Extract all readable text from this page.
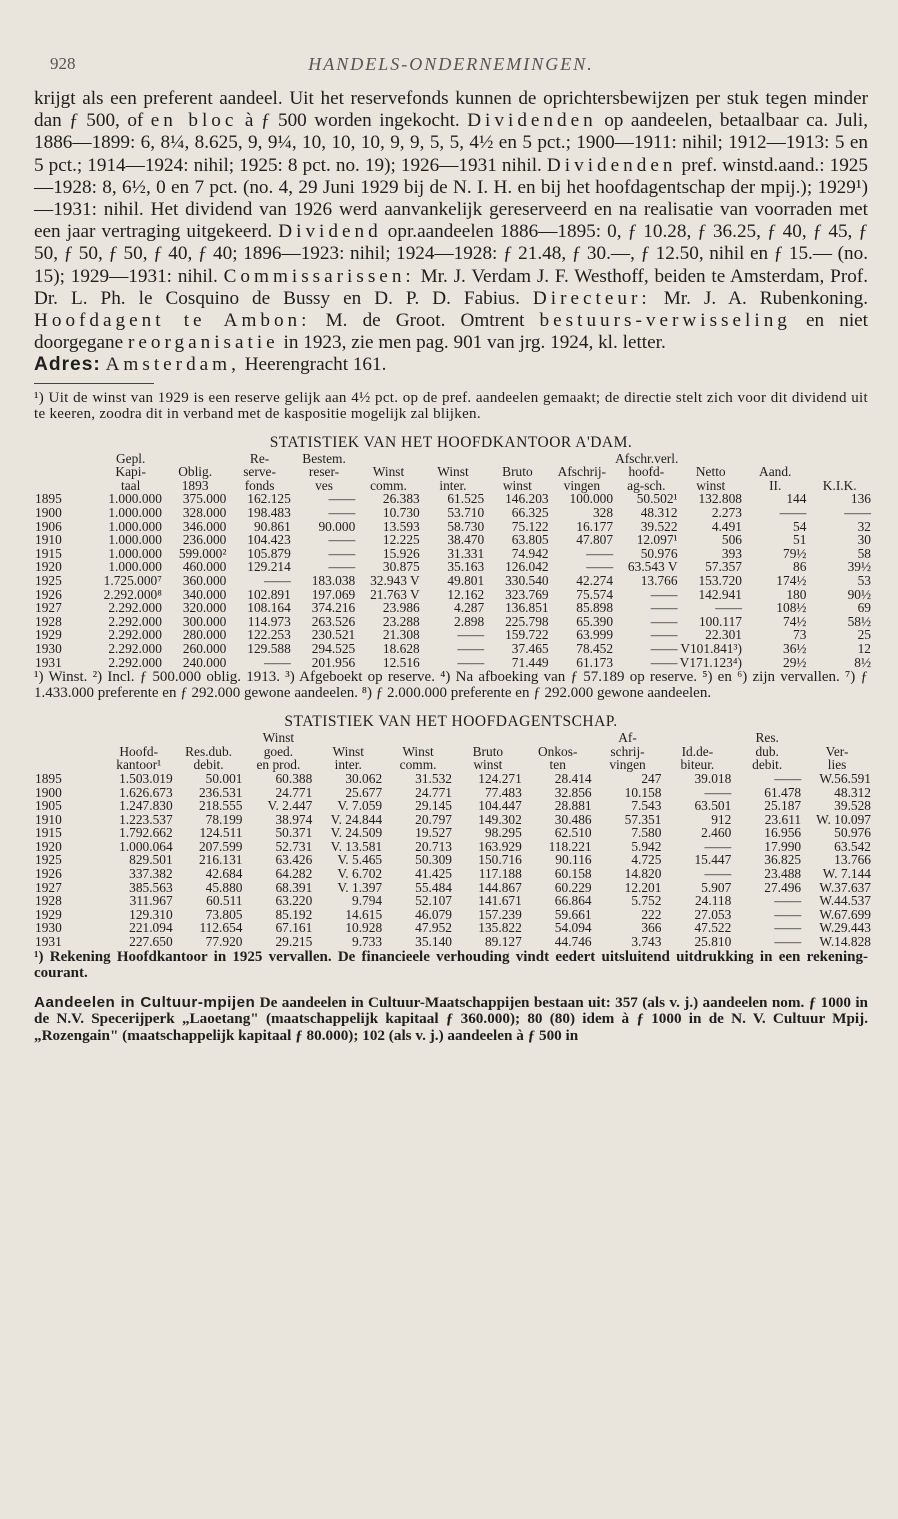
928	HANDELS-ONDERNEMINGEN.

krijgt als een preferent aandeel. Uit het reservefonds kunnen de oprichtersbewijzen per stuk tegen minder dan ƒ 500, of en bloc à ƒ 500 worden ingekocht. Dividenden op aandeelen, betaalbaar ca. Juli, 1886—1899: 6, 8¼, 8.625, 9, 9¼, 10, 10, 10, 9, 9, 5, 5, 4½ en 5 pct.; 1900—1911: nihil; 1912—1913: 5 en 5 pct.; 1914—1924: nihil; 1925: 8 pct. no. 19); 1926—1931 nihil. Dividenden pref. winstd.aand.: 1925—1928: 8, 6½, 0 en 7 pct. (no. 4, 29 Juni 1929 bij de N. I. H. en bij het hoofdagentschap der mpij.); 1929¹)—1931: nihil. Het dividend van 1926 werd aanvankelijk gereserveerd en na realisatie van voorraden met een jaar vertraging uitgekeerd. Dividend opr.aandeelen 1886—1895: 0, ƒ 10.28, ƒ 36.25, ƒ 40, ƒ 45, ƒ 50, ƒ 50, ƒ 50, ƒ 40, ƒ 40; 1896—1923: nihil; 1924—1928: ƒ 21.48, ƒ 30.—, ƒ 12.50, nihil en ƒ 15.— (no. 15); 1929—1931: nihil. Commissarissen: Mr. J. Verdam J. F. Westhoff, beiden te Amsterdam, Prof. Dr. L. Ph. le Cosquino de Bussy en D. P. D. Fabius. Directeur: Mr. J. A. Rubenkoning. Hoofdagent te Ambon: M. de Groot. Omtrent bestuurs-verwisseling en niet doorgegane reorganisatie in 1923, zie men pag. 901 van jrg. 1924, kl. letter.

Adres: Amsterdam, Heerengracht 161.

¹) Uit de winst van 1929 is een reserve gelijk aan 4½ pct. op de pref. aandeelen gemaakt; de directie stelt zich voor dit dividend uit te keeren, zoodra dit in verband met de kaspositie mogelijk zal blijken.

STATISTIEK VAN HET HOOFDKANTOOR A'DAM.

	Gepl.		Re-	Bestem.					Afschr.verl.			
	Kapi-	Oblig.	serve-	reser-	Winst	Winst	Bruto	Afschrij-	hoofd-	Netto	Aand.	
	taal	1893	fonds	ves	comm.	inter.	winst	vingen	ag-sch.	winst	II.	K.I.K.
1895	1.000.000	375.000	162.125	——	26.383	61.525	146.203	100.000	50.502¹	132.808	144	136
1900	1.000.000	328.000	198.483	——	10.730	53.710	66.325	328	48.312	2.273	——	——
1906	1.000.000	346.000	90.861	90.000	13.593	58.730	75.122	16.177	39.522	4.491	54	32
1910	1.000.000	236.000	104.423	——	12.225	38.470	63.805	47.807	12.097¹	506	51	30
1915	1.000.000	599.000²	105.879	——	15.926	31.331	74.942	——	50.976	393	79½	58
1920	1.000.000	460.000	129.214	——	30.875	35.163	126.042	——	63.543 V	57.357	86	39½
1925	1.725.000⁷	360.000	——	183.038	32.943 V	49.801	330.540	42.274	13.766	153.720	174½	53
1926	2.292.000⁸	340.000	102.891	197.069	21.763 V	12.162	323.769	75.574	——	142.941	180	90½
1927	2.292.000	320.000	108.164	374.216	23.986	4.287	136.851	85.898	——	——	108½	69
1928	2.292.000	300.000	114.973	263.526	23.288	2.898	225.798	65.390	——	100.117	74½	58½
1929	2.292.000	280.000	122.253	230.521	21.308	——	159.722	63.999	——	22.301	73	25
1930	2.292.000	260.000	129.588	294.525	18.628	——	37.465	78.452	——	V101.841³)	36½	12
1931	2.292.000	240.000	——	201.956	12.516	——	71.449	61.173	——	V171.123⁴)	29½	8½

¹) Winst. ²) Incl. ƒ 500.000 oblig. 1913. ³) Afgeboekt op reserve. ⁴) Na afboeking van ƒ 57.189 op reserve. ⁵) en ⁶) zijn vervallen. ⁷) ƒ 1.433.000 preferente en ƒ 292.000 gewone aandeelen. ⁸) ƒ 2.000.000 preferente en ƒ 292.000 gewone aandeelen.

STATISTIEK VAN HET HOOFDAGENTSCHAP.

			Winst					Af-		Res.	
	Hoofd-	Res.dub.	goed.	Winst	Winst	Bruto	Onkos-	schrij-	Id.de-	dub.	Ver-
	kantoor¹	debit.	en prod.	inter.	comm.	winst	ten	vingen	biteur.	debit.	lies
1895	1.503.019	50.001	60.388	30.062	31.532	124.271	28.414	247	39.018	——	W.56.591
1900	1.626.673	236.531	24.771	25.677	24.771	77.483	32.856	10.158	——	61.478	48.312
1905	1.247.830	218.555	V. 2.447	V. 7.059	29.145	104.447	28.881	7.543	63.501	25.187	39.528
1910	1.223.537	78.199	38.974	V. 24.844	20.797	149.302	30.486	57.351	912	23.611	W. 10.097
1915	1.792.662	124.511	50.371	V. 24.509	19.527	98.295	62.510	7.580	2.460	16.956	50.976
1920	1.000.064	207.599	52.731	V. 13.581	20.713	163.929	118.221	5.942	——	17.990	63.542
1925	829.501	216.131	63.426	V. 5.465	50.309	150.716	90.116	4.725	15.447	36.825	13.766
1926	337.382	42.684	64.282	V. 6.702	41.425	117.188	60.158	14.820	——	23.488	W. 7.144
1927	385.563	45.880	68.391	V. 1.397	55.484	144.867	60.229	12.201	5.907	27.496	W.37.637
1928	311.967	60.511	63.220	9.794	52.107	141.671	66.864	5.752	24.118	——	W.44.537
1929	129.310	73.805	85.192	14.615	46.079	157.239	59.661	222	27.053	——	W.67.699
1930	221.094	112.654	67.161	10.928	47.952	135.822	54.094	366	47.522	——	W.29.443
1931	227.650	77.920	29.215	9.733	35.140	89.127	44.746	3.743	25.810	——	W.14.828

¹) Rekening Hoofdkantoor in 1925 vervallen. De financieele verhouding vindt eedert uitsluitend uitdrukking in een rekening-courant.

Aandeelen in Cultuur-mpijen De aandeelen in Cultuur-Maatschappijen bestaan uit: 357 (als v. j.) aandeelen nom. ƒ 1000 in de N.V. Specerijperk „Laoetang" (maatschappelijk kapitaal ƒ 360.000); 80 (80) idem à ƒ 1000 in de N. V. Cultuur Mpij. „Rozengain" (maatschappelijk kapitaal ƒ 80.000); 102 (als v. j.) aandeelen à ƒ 500 in
